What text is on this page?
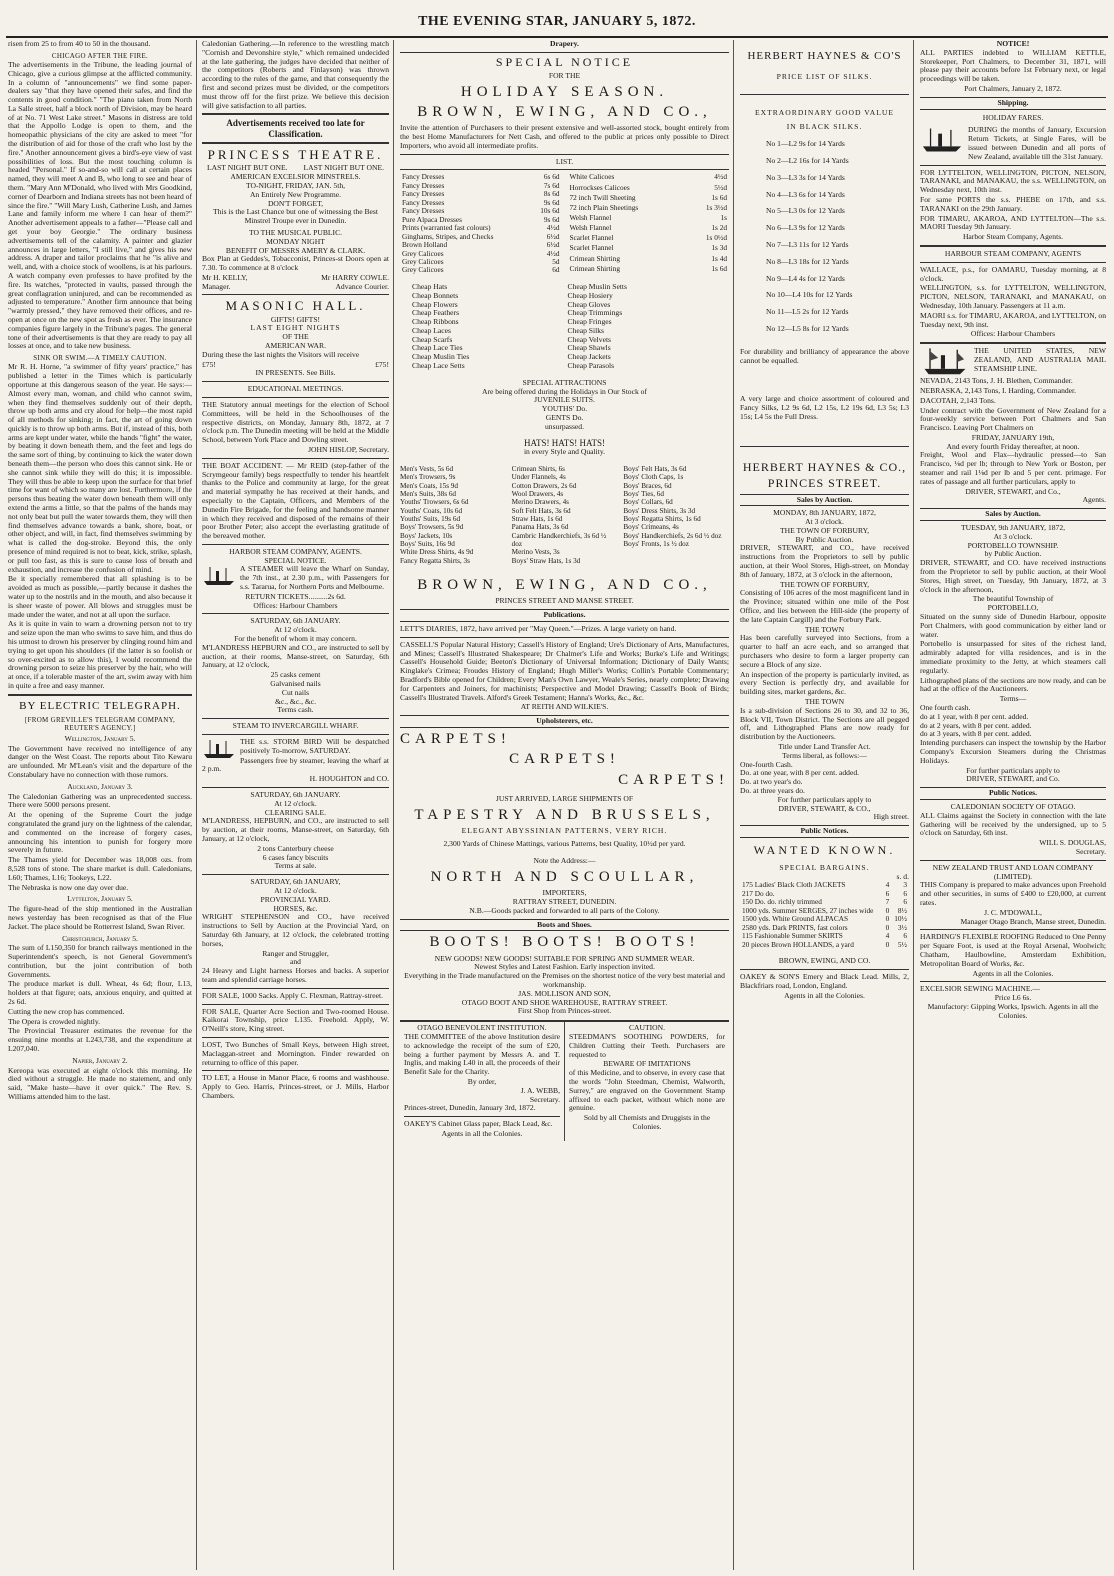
THE EVENING STAR, JANUARY 5, 1872.

risen from 25 to from 40 to 50 in the thousand.

CHICAGO AFTER THE FIRE.

The advertisements in the Tribune, the leading journal of Chicago, give a curious glimpse at the afflicted community. In a column of "announcements" we find some paper-dealers say "that they have opened their safes, and find the contents in good condition." "The piano taken from North La Salle street, half a block north of Division, may be heard of at No. 71 West Lake street." Masons in distress are told that the Appollo Lodge is open to them, and the homeopathic physicians of the city are asked to meet "for the distribution of aid for those of the craft who lost by the fire." Another announcement gives a bird's-eye view of vast possibilities of loss. But the most touching column is headed "Personal." If so-and-so will call at certain places named, they will meet A and B, who long to see and hear of them. "Mary Ann M'Donald, who lived with Mrs Goodkind, corner of Dearborn and Indiana streets has not been heard of since the fire." "Will Mary Lush, Catherine Lush, and James Lane and family inform me where I can hear of them?" Another advertisement appeals to a father—"Please call and get your boy Georgie." The ordinary business advertisements tell of the calamity. A painter and glazier announces in large letters, "I still live," and gives his new address. A draper and tailor proclaims that he "is alive and well, and, with a choice stock of woollens, is at his parlours. A watch company even professes to have profited by the fire. Its watches, "protected in vaults, passed through the great conflagration uninjured, and can be recommended as adjusted to temperature." Another firm announce that being "warmly pressed," they have removed their offices, and re-open at once on the new spot as fresh as ever. The insurance companies figure largely in the Tribune's pages. The general tone of their advertisements is that they are ready to pay all losses at once, and to take new business.

SINK OR SWIM.—A TIMELY CAUTION.

Mr R. H. Horne, "a swimmer of fifty years' practice," has published a letter in the Times which is particularly opportune at this dangerous season of the year. He says:—Almost every man, woman, and child who cannot swim, when they find themselves suddenly out of their depth, throw up both arms and cry aloud for help—the most rapid of all methods for sinking; in fact, the art of going down quickly is to throw up both arms. But if, instead of this, both arms are kept under water, while the hands "fight" the water, by beating it down beneath them, and the feet and legs do the same sort of thing, by continuing to kick the water down beneath them—the person who does this cannot sink. He or she cannot sink while they will do this; it is impossible. They will thus be able to keep upon the surface for that brief time for want of which so many are lost. Furthermore, if the persons thus beating the water down beneath them will only extend the arms a little, so that the palms of the hands may not only beat but pull the water towards them, they will then find themselves advance towards a bank, shore, boat, or other object, and will, in fact, find themselves swimming by what is called the dog-stroke. Beyond this, the only presence of mind required is not to beat, kick, strike, splash, or pull too fast, as this is sure to cause loss of breath and exhaustion, and increase the confusion of mind.

Be it specially remembered that all splashing is to be avoided as much as possible,—partly because it dashes the water up to the nostrils and in the mouth, and also because it is sheer waste of power. All blows and struggles must be made under the water, and not at all upon the surface.

As it is quite in vain to warn a drowning person not to try and seize upon the man who swims to save him, and thus do his utmost to drown his preserver by clinging round him and trying to get upon his shoulders (if the latter is so foolish or so over-excited as to allow this), I would recommend the drowning person to seize his preserver by the hair, who will at once, if a tolerable master of the art, swim away with him in quite a free and easy manner.

BY ELECTRIC TELEGRAPH.
[FROM GREVILLE'S TELEGRAM COMPANY, REUTER'S AGENCY.]
Wellington, January 5.

The Government have received no intelligence of any danger on the West Coast. The reports about Tito Kewaru are unfounded. Mr M'Lean's visit and the departure of the Constabulary have no connection with those rumors.

Auckland, January 3.

The Caledonian Gathering was an unprecedented success. There were 5000 persons present.

At the opening of the Supreme Court the judge congratulated the grand jury on the lightness of the calendar, and commented on the increase of forgery cases, announcing his intention to punish for forgery more severely in future.

The Thames yield for December was 18,008 ozs. from 8,528 tons of stone. The share market is dull. Caledonians, L60; Thames, L16; Tookeys, L22.

The Nebraska is now one day over due.

Lyttelton, January 5.

The figure-head of the ship mentioned in the Australian news yesterday has been recognised as that of the Flue Jacket. The place should be Rotterrest Island, Swan River.

Christchurch, January 5.

The sum of L150,350 for branch railways mentioned in the Superintendent's speech, is not General Government's contribution, but the joint contribution of both Governments.

The produce market is dull. Wheat, 4s 6d; flour, L13, holders at that figure; oats, anxious enquiry, and quitted at 2s 6d.

Cutting the new crop has commenced.

The Opera is crowded nightly.

The Provincial Treasurer estimates the revenue for the ensuing nine months at L243,738, and the expenditure at L207,040.

Napier, January 2.

Kereopa was executed at eight o'clock this morning. He died without a struggle. He made no statement, and only said, "Make haste—have it over quick." The Rev. S. Williams attended him to the last.

Caledonian Gathering.—In reference to the wrestling match "Cornish and Devonshire style," which remained undecided at the late gathering, the judges have decided that neither of the competitors (Roberts and Finlayson) was thrown according to the rules of the game, and that consequently the first and second prizes must be divided, or the competitors must throw off for the first prize. We believe this decision will give satisfaction to all parties.

Advertisements received too late for Classification.
PRINCESS THEATRE.
LAST NIGHT BUT ONE.	LAST NIGHT BUT ONE.
AMERICAN EXCELSIOR MINSTRELS.
TO-NIGHT, FRIDAY, JAN. 5th,
An Entirely New Programme.
DON'T FORGET,
This is the Last Chance but one of witnessing the Best Minstrel Troupe ever in Dunedin.
TO THE MUSICAL PUBLIC.
MONDAY NIGHT
BENEFIT OF MESSRS AMERY & CLARK.

Box Plan at Geddes's, Tobacconist, Princes-st Doors open at 7.30. To commence at 8 o'clock

Mr H. KELLY,	Mr HARRY COWLE.
Manager.	Advance Courier.
MASONIC HALL.
GIFTS! GIFTS!
LAST EIGHT NIGHTS
OF THE
AMERICAN WAR.

During these the last nights the Visitors will receive

£75!	£75!
IN PRESENTS. See Bills.
EDUCATIONAL MEETINGS.

THE Statutory annual meetings for the election of School Committees, will be held in the Schoolhouses of the respective districts, on Monday, January 8th, 1872, at 7 o'clock p.m. The Dunedin meeting will be held at the Middle School, between York Place and Dowling street.

JOHN HISLOP, Secretary.

THE BOAT ACCIDENT. — Mr REID (step-father of the Scrymgeour family) begs respectfully to tender his heartfelt thanks to the Police and community at large, for the great and material sympathy he has received at their hands, and especially to the Captain, Officers, and Members of the Dunedin Fire Brigade, for the feeling and handsome manner in which they received and disposed of the remains of their poor Brother Peter; also accept the everlasting gratitude of the bereaved mother.

HARBOR STEAM COMPANY, AGENTS.
SPECIAL NOTICE.

A STEAMER will leave the Wharf on Sunday, the 7th inst., at 2.30 p.m., with Passengers for s.s. Tararua, for Northern Ports and Melbourne.

RETURN TICKETS..........2s 6d.
Offices: Harbour Chambers
SATURDAY, 6th JANUARY.
At 12 o'clock.
For the benefit of whom it may concern.

M'LANDRESS HEPBURN and CO., are instructed to sell by auction, at their rooms, Manse-street, on Saturday, 6th January, at 12 o'clock,

25 casks cement
Galvanised nails
Cut nails
&c., &c., &c.
Terms cash.
STEAM TO INVERCARGILL WHARF.

THE s.s. STORM BIRD Will be despatched positively To-morrow, SATURDAY.

Passengers free by steamer, leaving the wharf at 2 p.m.

H. HOUGHTON and CO.
SATURDAY, 6th JANUARY.
At 12 o'clock.
CLEARING SALE.

M'LANDRESS, HEPBURN, and CO., are instructed to sell by auction, at their rooms, Manse-street, on Saturday, 6th January, at 12 o'clock,

2 tons Canterbury cheese
6 cases fancy biscuits
Terms at sale.
SATURDAY, 6th JANUARY,
At 12 o'clock.
PROVINCIAL YARD.
HORSES, &c.

WRIGHT STEPHENSON and CO., have received instructions to Sell by Auction at the Provincial Yard, on Saturday 6th January, at 12 o'clock, the celebrated trotting horses,

Ranger and Struggler,
and

24 Heavy and Light harness Horses and backs. A superior team and splendid carriage horses.

FOR SALE, 1000 Sacks. Apply C. Flexman, Rattray-street.

FOR SALE, Quarter Acre Section and Two-roomed House. Kaikorai Township, price L135. Freehold. Apply, W. O'Neill's store, King street.

LOST, Two Bunches of Small Keys, between High street, Maclaggan-street and Mornington. Finder rewarded on returning to office of this paper.

TO LET, a House in Manor Place, 6 rooms and washhouse. Apply to Geo. Harris, Princes-street, or J. Mills, Harbor Chambers.

Drapery.
SPECIAL NOTICE
FOR THE
HOLIDAY SEASON.
BROWN, EWING, AND CO.,

Invite the attention of Purchasers to their present extensive and well-assorted stock, bought entirely from the best Home Manufacturers for Nett Cash, and offered to the public at prices only possible to Direct Importers, who avoid all intermediate profits.

LIST.
Fancy Dresses	6s 6d
Fancy Dresses	7s 6d
Fancy Dresses	8s 6d
Fancy Dresses	9s 6d
Fancy Dresses	10s 6d
Pure Alpaca Dresses	9s 6d
Prints (warranted fast colours)	4½d
Ginghams, Stripes, and Checks	6½d
Brown Holland	6½d
Grey Calicoes	4½d
Grey Calicoes	5d
Grey Calicoes	6d
White Calicoes	4½d
Horrockses Calicoes	5½d
72 inch Twill Sheeting	1s 6d
72 inch Plain Sheetings	1s 3½d
Welsh Flannel	1s
Welsh Flannel	1s 2d
Scarlet Flannel	1s 0½d
Scarlet Flannel	1s 3d

Crimean Shirting	1s 4d
Crimean Shirting	1s 6d
Cheap Hats
Cheap Bonnets
Cheap Flowers
Cheap Feathers
Cheap Ribbons
Cheap Laces
Cheap Scarfs
Cheap Lace Ties
Cheap Muslin Ties
Cheap Lace Setts
Cheap Muslin Setts
Cheap Hosiery
Cheap Gloves
Cheap Trimmings
Cheap Fringes
Cheap Silks
Cheap Velvets
Cheap Shawls
Cheap Jackets
Cheap Parasols
SPECIAL ATTRACTIONS
Are being offered during the Holidays in Our Stock of
JUVENILE SUITS.
YOUTHS' Do.
GENTS Do.
unsurpassed.
HATS! HATS! HATS!
in every Style and Quality.
Men's Vests, 5s 6d
Men's Trowsers, 9s
Men's Coats, 15s 9d
Men's Suits, 38s 6d
Youths' Trowsers, 6s 6d
Youths' Coats, 10s 6d
Youths' Suits, 19s 6d
Boys' Trowsers, 5s 9d
Boys' Jackets, 10s
Boys' Suits, 16s 9d
White Dress Shirts, 4s 9d
Fancy Regatta Shirts, 3s
Crimean Shirts, 6s
Under Flannels, 4s
Cotton Drawers, 2s 6d
Wool Drawers, 4s
Merino Drawers, 4s
Soft Felt Hats, 3s 6d
Straw Hats, 1s 6d
Panama Hats, 3s 6d
Cambric Handkerchiefs, 3s 6d ½ doz
Merino Vests, 3s
Boys' Straw Hats, 1s 3d
Boys' Felt Hats, 3s 6d
Boys' Cloth Caps, 1s
Boys' Braces, 6d
Boys' Ties, 6d
Boys' Collars, 6d
Boys' Dress Shirts, 3s 3d
Boys' Regatta Shirts, 1s 6d
Boys' Crimeans, 4s
Boys' Handkerchiefs, 2s 6d ½ doz
Boys' Fronts, 1s ½ doz
BROWN, EWING, AND CO.,
PRINCES STREET AND MANSE STREET.
Publications.

LETT'S DIARIES, 1872, have arrived per "May Queen."—Prizes. A large variety on hand.

CASSELL'S Popular Natural History; Cassell's History of England; Ure's Dictionary of Arts, Manufactures, and Mines; Cassell's Illustrated Shakespeare; Dr Chalmer's Life and Works; Burke's Life and Writings; Cassell's Household Guide; Beeton's Dictionary of Universal Information; Dictionary of Daily Wants; Kinglake's Crimea; Froudes History of England; Hugh Miller's Works; Collin's Portable Commentary; Bradford's Bible opened for Children; Every Man's Own Lawyer, Weale's Series, nearly complete; Drawing for Carpenters and Joiners, for machinists; Perspective and Model Drawing; Cassell's Book of Birds; Cassell's Illustrated Travels. Alford's Greek Testament; Hanna's Works, &c., &c.

AT REITH AND WILKIE'S.
Upholsterers, etc.
CARPETS!
CARPETS!
CARPETS!
JUST ARRIVED, LARGE SHIPMENTS OF
TAPESTRY AND BRUSSELS,
ELEGANT ABYSSINIAN PATTERNS, VERY RICH.
2,300 Yards of Chinese Mattings, various Patterns, best Quality, 10½d per yard.
Note the Address:—
NORTH AND SCOULLAR,
IMPORTERS,
RATTRAY STREET, DUNEDIN.
N.B.—Goods packed and forwarded to all parts of the Colony.
Boots and Shoes.
BOOTS! BOOTS! BOOTS!
NEW GOODS! NEW GOODS! SUITABLE FOR SPRING AND SUMMER WEAR.
Newest Styles and Latest Fashion. Early inspection invited.
Everything in the Trade manufactured on the Premises on the shortest notice of the very best material and workmanship.
JAS. MOLLISON AND SON,
OTAGO BOOT AND SHOE WAREHOUSE, RATTRAY STREET.
First Shop from Princes-street.
OTAGO BENEVOLENT INSTITUTION.

THE COMMITTEE of the above Institution desire to acknowledge the receipt of the sum of £20, being a further payment by Messrs A. and T. Inglis, and making L40 in all, the proceeds of their Benefit Sale for the Charity.

By order,
J. A. WEBB,
Secretary.
Princes-street, Dunedin, January 3rd, 1872.

OAKEY'S Cabinet Glass paper, Black Lead, &c.

Agents in all the Colonies.
CAUTION.

STEEDMAN'S SOOTHING POWDERS, for Children Cutting their Teeth. Purchasers are requested to

BEWARE OF IMITATIONS

of this Medicine, and to observe, in every case that the words "John Steedman, Chemist, Walworth, Surrey," are engraved on the Government Stamp affixed to each packet, without which none are genuine.

Sold by all Chemists and Druggists in the Colonies.
HERBERT HAYNES & CO'S
PRICE LIST OF SILKS.
EXTRAORDINARY GOOD VALUE
IN BLACK SILKS.
No 1—L2 9s for 14 Yards
No 2—L2 16s for 14 Yards
No 3—L3 3s for 14 Yards
No 4—L3 6s for 14 Yards
No 5—L3 0s for 12 Yards
No 6—L3 9s for 12 Yards
No 7—L3 11s for 12 Yards
No 8—L3 18s for 12 Yards
No 9—L4 4s for 12 Yards
No 10—L4 10s for 12 Yards
No 11—L5 2s for 12 Yards
No 12—L5 8s for 12 Yards

For durability and brilliancy of appearance the above cannot be equalled.

A very large and choice assortment of coloured and Fancy Silks, L2 9s 6d, L2 15s, L2 19s 6d, L3 5s; L3 15s; L4 5s the Full Dress.

HERBERT HAYNES & CO.,
PRINCES STREET.
Sales by Auction.
MONDAY, 8th JANUARY, 1872,
At 3 o'clock.
THE TOWN OF FORBURY,
By Public Auction.

DRIVER, STEWART, and CO., have received instructions from the Proprietors to sell by public auction, at their Wool Stores, High-street, on Monday 8th of January, 1872, at 3 o'clock in the afternoon,

THE TOWN OF FORBURY,

Consisting of 106 acres of the most magnificent land in the Province; situated within one mile of the Post Office, and lies between the Hill-side (the property of the late Captain Cargill) and the Forbury Park.

THE TOWN

Has been carefully surveyed into Sections, from a quarter to half an acre each, and so arranged that purchasers who desire to form a larger property can secure a Block of any size.

An inspection of the property is particularly invited, as every Section is perfectly dry, and available for building sites, market gardens, &c.

THE TOWN

Is a sub-division of Sections 26 to 30, and 32 to 36, Block VII, Town District. The Sections are all pegged off, and Lithographed Plans are now ready for distribution by the Auctioneers.

Title under Land Transfer Act.
Terms liberal, as follows:—
One-fourth Cash.
Do. at one year, with 8 per cent. added.
Do. at two year's do.
Do. at three years do.
For further particulars apply to
DRIVER, STEWART, & CO.,
High street.
Public Notices.
WANTED KNOWN.
SPECIAL BARGAINS.
s. d.
175 Ladies' Black Cloth JACKETS	4	3
217 Do do.	6	6
150 Do. do. richly trimmed	7	6
1000 yds. Summer SERGES, 27 inches wide	0	8½
1500 yds. White Ground ALPACAS	0	10½
2580 yds. Dark PRINTS, fast colors	0	3½
115 Fashionable Summer SKIRTS	4	6
20 pieces Brown HOLLANDS, a yard	0	5½
BROWN, EWING, AND CO.

OAKEY & SON'S Emery and Black Lead. Mills, 2, Blackfriars road, London, England.

Agents in all the Colonies.
NOTICE!

ALL PARTIES indebted to WILLIAM KETTLE, Storekeeper, Port Chalmers, to December 31, 1871, will please pay their accounts before 1st February next, or legal proceedings will be taken.

Port Chalmers, January 2, 1872.
Shipping.
HOLIDAY FARES.

DURING the months of January, Excursion Return Tickets, at Single Fares, will be issued between Dunedin and all ports of New Zealand, available till the 31st January.

FOR LYTTELTON, WELLINGTON, PICTON, NELSON, TARANAKI, and MANAKAU, the s.s. WELLINGTON, on Wednesday next, 10th inst.

For same PORTS the s.s. PHEBE on 17th, and s.s. TARANAKI on the 29th January.

FOR TIMARU, AKAROA, AND LYTTELTON—The s.s. MAORI Tuesday 9th January.

Harbor Steam Company, Agents.
HARBOUR STEAM COMPANY, AGENTS

WALLACE, p.s., for OAMARU, Tuesday morning, at 8 o'clock.

WELLINGTON, s.s. for LYTTELTON, WELLINGTON, PICTON, NELSON, TARANAKI, and MANAKAU, on Wednesday, 10th January. Passengers at 11 a.m.

MAORI s.s. for TIMARU, AKAROA, and LYTTELTON, on Tuesday next, 9th inst.

Offices: Harbour Chambers

THE UNITED STATES, NEW ZEALAND, AND AUSTRALIA MAIL STEAMSHIP LINE.

NEVADA, 2143 Tons, J. H. Blethen, Commander.

NEBRASKA, 2,143 Tons, I. Harding, Commander.

DACOTAH, 2,143 Tons.

Under contract with the Government of New Zealand for a four-weekly service between Port Chalmers and San Francisco. Leaving Port Chalmers on

FRIDAY, JANUARY 19th,
And every fourth Friday thereafter, at noon.

Freight, Wool and Flax—hydraulic pressed—to San Francisco, ⅛d per lb; through to New York or Boston, per steamer and rail 1⅛d per lb and 5 per cent. primage. For rates of passage and all further particulars, apply to

DRIVER, STEWART, and Co.,
Agents.
Sales by Auction.
TUESDAY, 9th JANUARY, 1872,
At 3 o'clock.
PORTOBELLO TOWNSHIP.
by Public Auction.

DRIVER, STEWART, and CO. have received instructions from the Proprietor to sell by public auction, at their Wool Stores, High street, on Tuesday, 9th January, 1872, at 3 o'clock in the afternoon,

The beautiful Township of
PORTOBELLO,

Situated on the sunny side of Dunedin Harbour, opposite Port Chalmers, with good communication by either land or water.

Portobello is unsurpassed for sites of the richest land, admirably adapted for villa residences, and is in the immediate proximity to the Jetty, at which steamers call regularly.

Lithographed plans of the sections are now ready, and can be had at the office of the Auctioneers.

Terms—
One fourth cash.
do at 1 year, with 8 per cent. added.
do at 2 years, with 8 per cent. added.
do at 3 years, with 8 per cent. added.

Intending purchasers can inspect the township by the Harbor Company's Excursion Steamers during the Christmas Holidays.

For further particulars apply to
DRIVER, STEWART, and Co.
Public Notices.
CALEDONIAN SOCIETY OF OTAGO.

ALL Claims against the Society in connection with the late Gathering will be received by the undersigned, up to 5 o'clock on Saturday, 6th inst.

WILL S. DOUGLAS,
Secretary.
NEW ZEALAND TRUST AND LOAN COMPANY (LIMITED).

THIS Company is prepared to make advances upon Freehold and other securities, in sums of £400 to £20,000, at current rates.

J. C. M'DOWALL,
Manager Otago Branch, Manse street, Dunedin.

HARDING'S FLEXIBLE ROOFING Reduced to One Penny per Square Foot, is used at the Royal Arsenal, Woolwich; Chatham, Haulbowline, Amsterdam Exhibition, Metropolitan Board of Works, &c.

Agents in all the Colonies.
EXCELSIOR SEWING MACHINE.—
Price L6 6s.
Manufactory: Gipping Works, Ipswich. Agents in all the Colonies.
